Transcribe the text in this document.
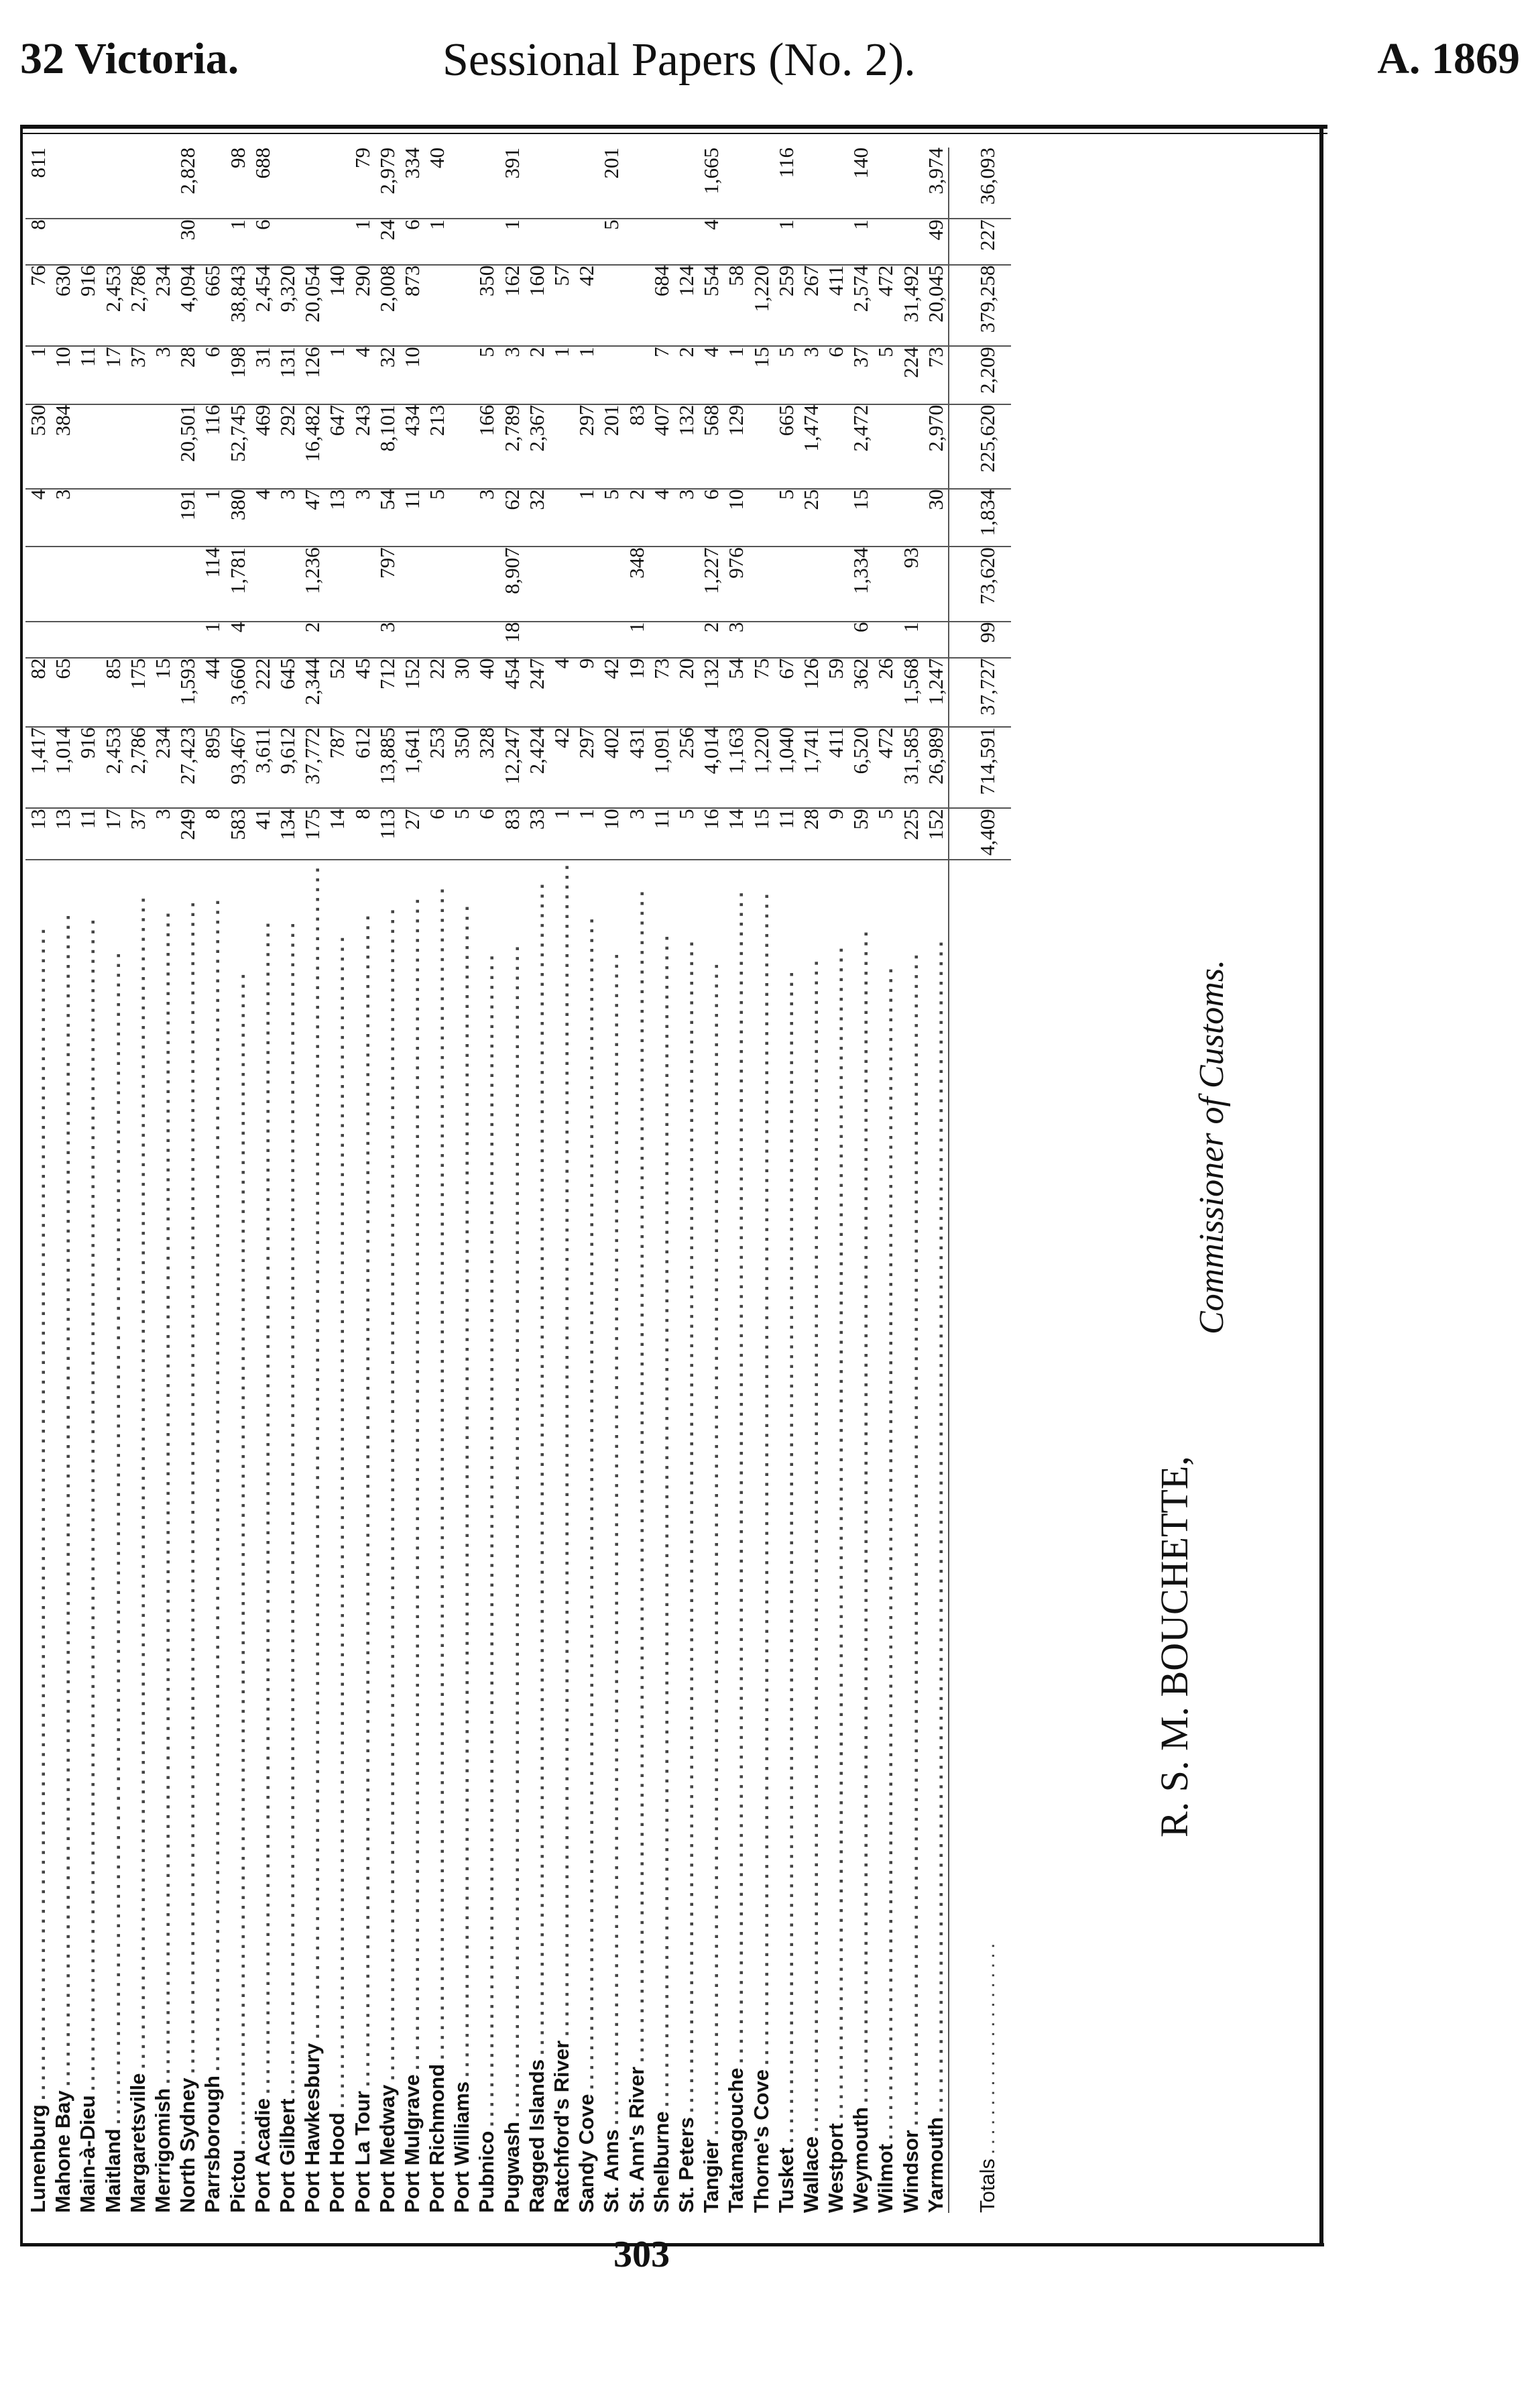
32 Victoria.	Sessional Papers (No. 2).	A. 1869
Lunenburg........................................................................................................................	13	1,417	82			4	530	1	76	8	811
Mahone Bay........................................................................................................................	13	1,014	65			3	384	10	630		
Main-à-Dieu........................................................................................................................	11	916						11	916		
Maitland........................................................................................................................	17	2,453	85					17	2,453		
Margaretsville........................................................................................................................	37	2,786	175					37	2,786		
Merrigomish........................................................................................................................	3	234	15					3	234		
North Sydney........................................................................................................................	249	27,423	1,593			191	20,501	28	4,094	30	2,828
Parrsborough........................................................................................................................	8	895	44	1	114	1	116	6	665		
Pictou........................................................................................................................	583	93,467	3,660	4	1,781	380	52,745	198	38,843	1	98
Port Acadie........................................................................................................................	41	3,611	222			4	469	31	2,454	6	688
Port Gilbert........................................................................................................................	134	9,612	645			3	292	131	9,320		
Port Hawkesbury........................................................................................................................	175	37,772	2,344	2	1,236	47	16,482	126	20,054		
Port Hood........................................................................................................................	14	787	52			13	647	1	140		
Port La Tour........................................................................................................................	8	612	45			3	243	4	290	1	79
Port Medway........................................................................................................................	113	13,885	712	3	797	54	8,101	32	2,008	24	2,979
Port Mulgrave........................................................................................................................	27	1,641	152			11	434	10	873	6	334
Port Richmond........................................................................................................................	6	253	22			5	213			1	40
Port Williams........................................................................................................................	5	350	30								
Pubnico........................................................................................................................	6	328	40			3	166	5	350		
Pugwash........................................................................................................................	83	12,247	454	18	8,907	62	2,789	3	162	1	391
Ragged Islands........................................................................................................................	33	2,424	247			32	2,367	2	160		
Ratchford's River........................................................................................................................	1	42	4					1	57		
Sandy Cove........................................................................................................................	1	297	9			1	297	1	42		
St. Anns........................................................................................................................	10	402	42			5	201			5	201
St. Ann's River........................................................................................................................	3	431	19	1	348	2	83				
Shelburne........................................................................................................................	11	1,091	73			4	407	7	684		
St. Peters........................................................................................................................	5	256	20			3	132	2	124		
Tangier........................................................................................................................	16	4,014	132	2	1,227	6	568	4	554	4	1,665
Tatamagouche........................................................................................................................	14	1,163	54	3	976	10	129	1	58		
Thorne's Cove........................................................................................................................	15	1,220	75					15	1,220		
Tusket........................................................................................................................	11	1,040	67			5	665	5	259	1	116
Wallace........................................................................................................................	28	1,741	126			25	1,474	3	267		
Westport........................................................................................................................	9	411	59					6	411		
Weymouth........................................................................................................................	59	6,520	362	6	1,334	15	2,472	37	2,574	1	140
Wilmot........................................................................................................................	5	472	26					5	472		
Windsor........................................................................................................................	225	31,585	1,568	1	93			224	31,492		
Yarmouth........................................................................................................................	152	26,989	1,247			30	2,970	73	20,045	49	3,974
Totals......................	4,409	714,591	37,727	99	73,620	1,834	225,620	2,209	379,258	227	36,093
R. S. M. BOUCHETTE,
Commissioner of Customs.
303
